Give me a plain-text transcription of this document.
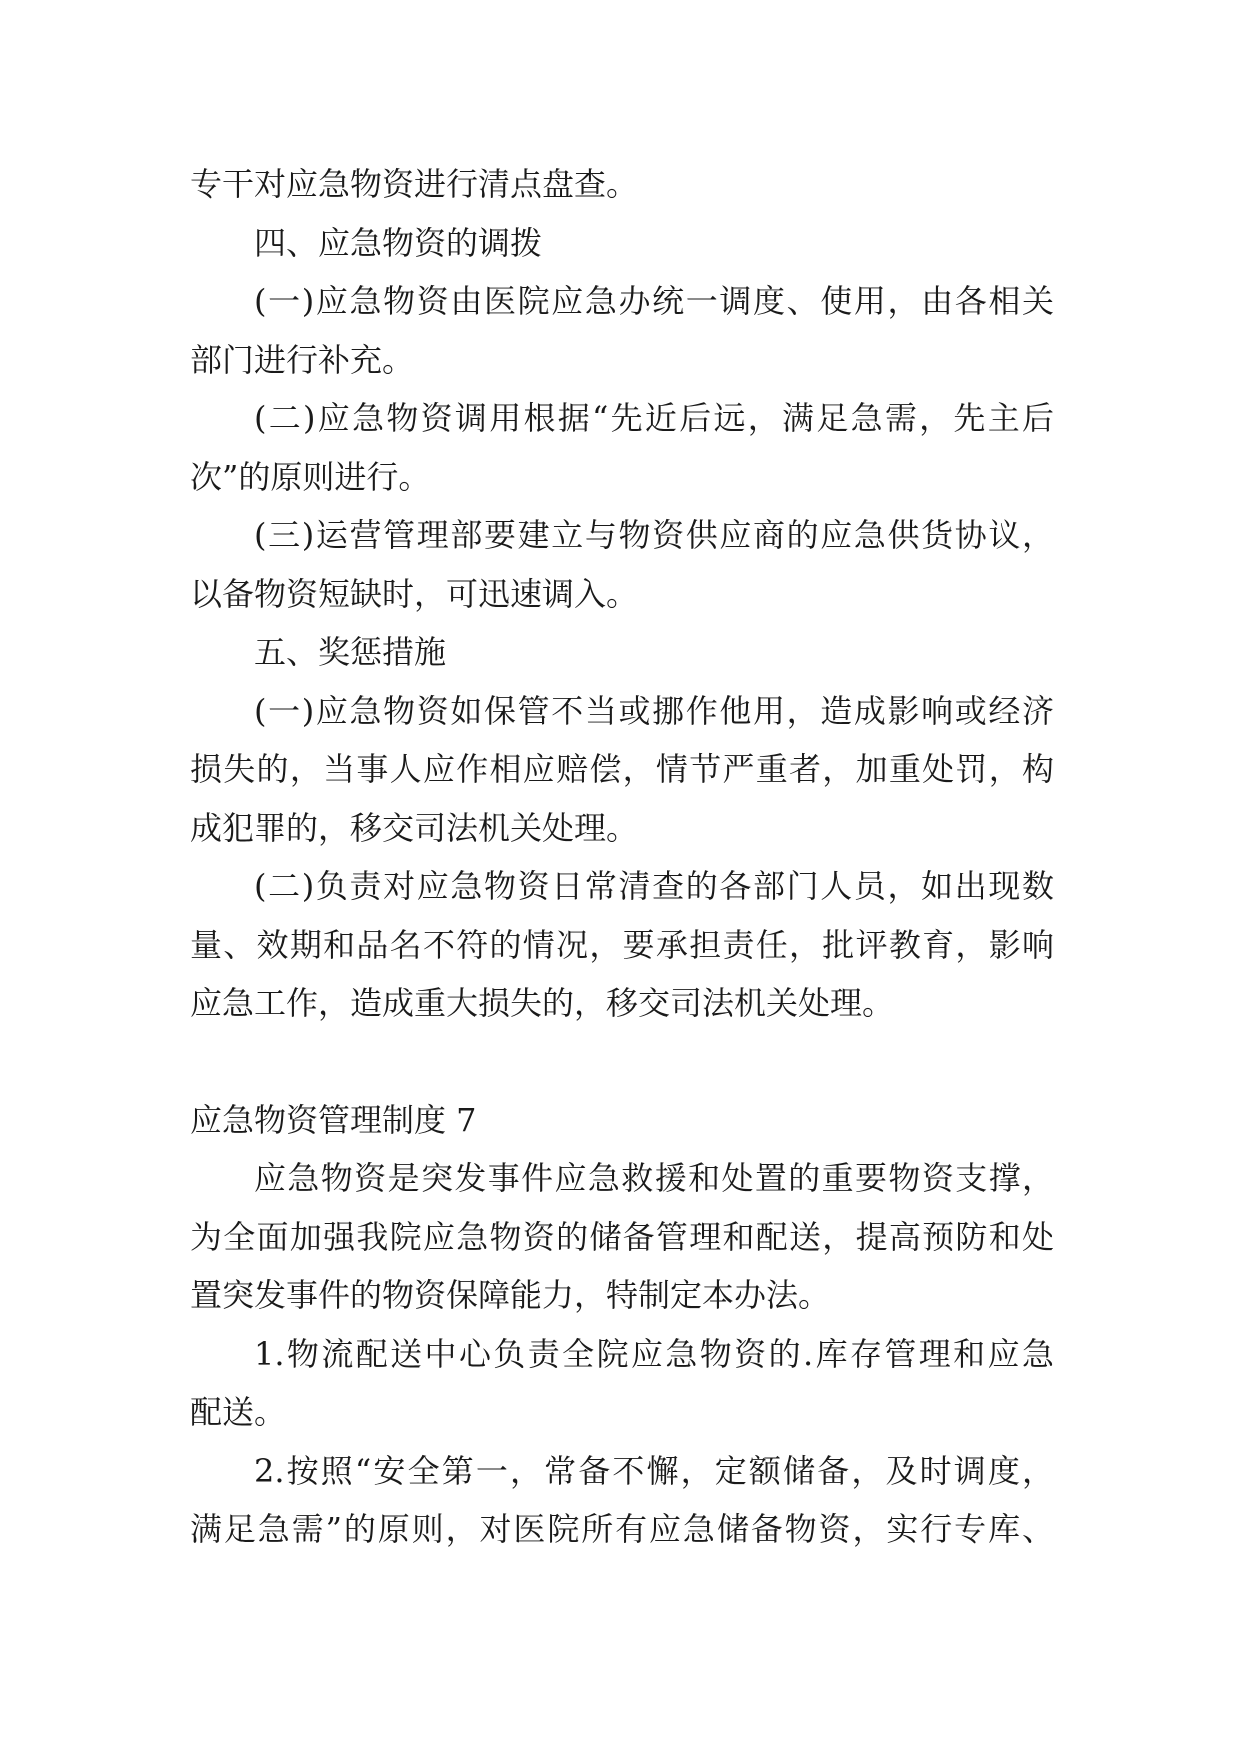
专干对应急物资进行清点盘查。
四、应急物资的调拨
(一)应急物资由医院应急办统一调度、使用，由各相关
部门进行补充。
(二)应急物资调用根据“先近后远，满足急需，先主后
次”的原则进行。
(三)运营管理部要建立与物资供应商的应急供货协议，
以备物资短缺时，可迅速调入。
五、奖惩措施
(一)应急物资如保管不当或挪作他用，造成影响或经济
损失的，当事人应作相应赔偿，情节严重者，加重处罚，构
成犯罪的，移交司法机关处理。
(二)负责对应急物资日常清查的各部门人员，如出现数
量、效期和品名不符的情况，要承担责任，批评教育，影响
应急工作，造成重大损失的，移交司法机关处理。
应急物资管理制度 7
应急物资是突发事件应急救援和处置的重要物资支撑，
为全面加强我院应急物资的储备管理和配送，提高预防和处
置突发事件的物资保障能力，特制定本办法。
1.物流配送中心负责全院应急物资的.库存管理和应急
配送。
2.按照“安全第一，常备不懈，定额储备，及时调度，
满足急需”的原则，对医院所有应急储备物资，实行专库、
